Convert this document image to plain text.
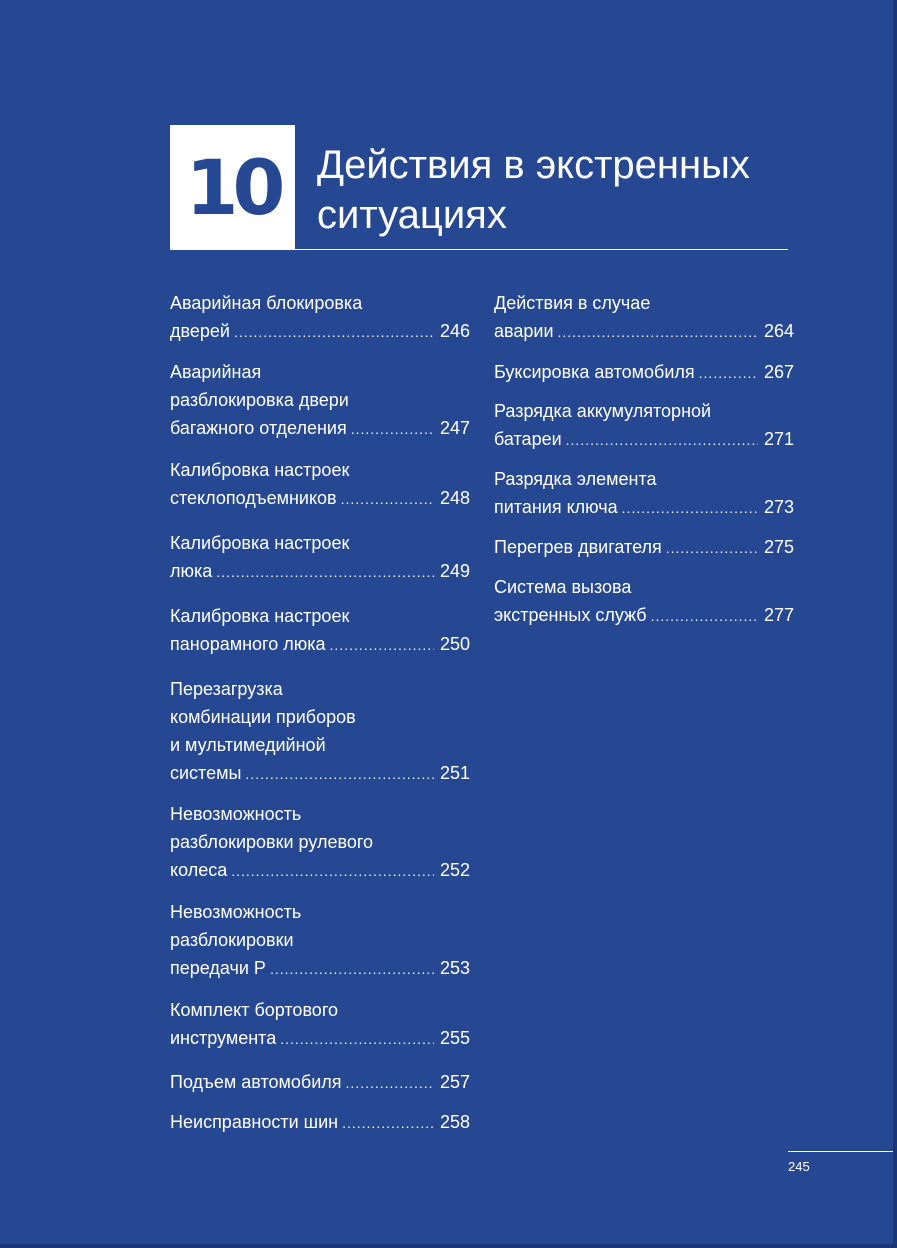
10 Действия в экстренных
ситуациях
Аварийная блокировка
дверей .....	246
Аварийная
разблокировка двери
багажного отделения .....	247
Калибровка настроек
стеклоподъемников .....	248
Калибровка настроек
люка .....	249
Калибровка настроек
панорамного люка .....	250
Перезагрузка
комбинации приборов
и мультимедийной
системы .....	251
Невозможность
разблокировки рулевого
колеса .....	252
Невозможность
разблокировки
передачи P .....	253
Комплект бортового
инструмента .....	255
Подъем автомобиля .....	257
Неисправности шин .....	258
Действия в случае
аварии .....	264
Буксировка автомобиля .....	267
Разрядка аккумуляторной
батареи .....	271
Разрядка элемента
питания ключа .....	273
Перегрев двигателя .....	275
Система вызова
экстренных служб .....	277
245
